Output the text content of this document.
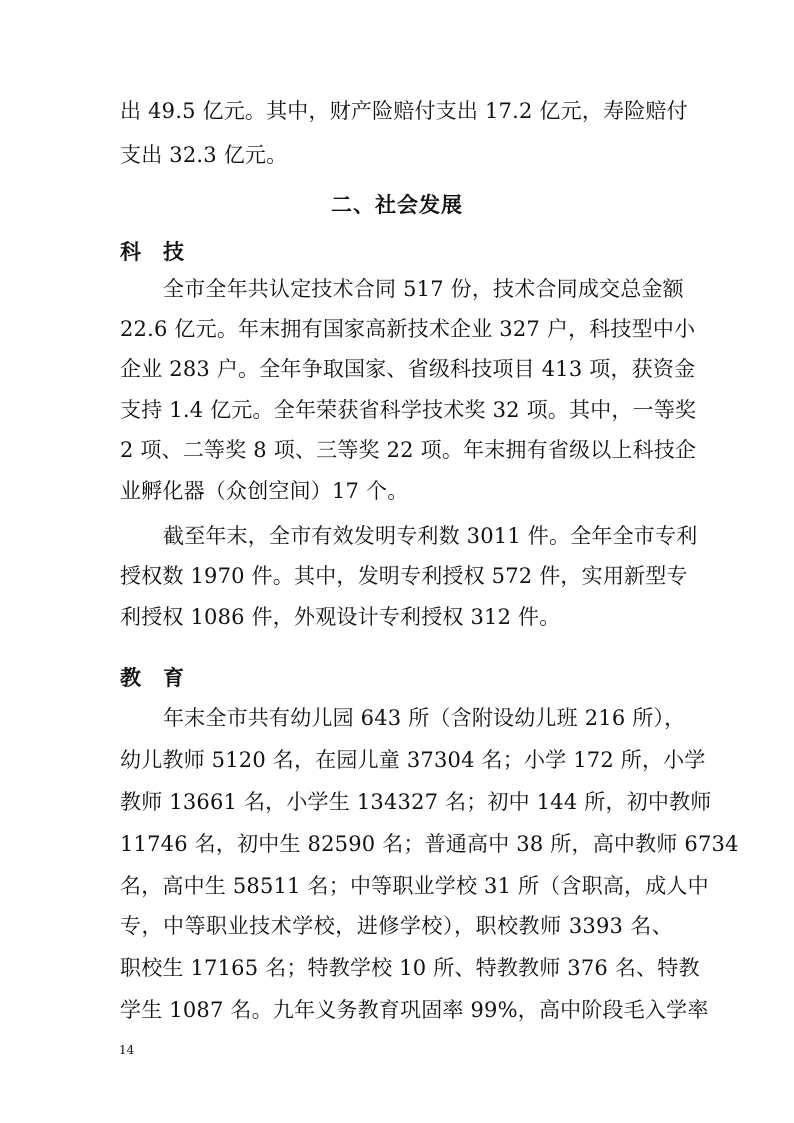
出 49.5 亿元。其中，财产险赔付支出 17.2 亿元，寿险赔付
支出 32.3 亿元。
二、社会发展
科技
全市全年共认定技术合同 517 份，技术合同成交总金额
22.6 亿元。年末拥有国家高新技术企业 327 户，科技型中小
企业 283 户。全年争取国家、省级科技项目 413 项，获资金
支持 1.4 亿元。全年荣获省科学技术奖 32 项。其中，一等奖
2 项、二等奖 8 项、三等奖 22 项。年末拥有省级以上科技企
业孵化器（众创空间）17 个。
截至年末，全市有效发明专利数 3011 件。全年全市专利
授权数 1970 件。其中，发明专利授权 572 件，实用新型专
利授权 1086 件，外观设计专利授权 312 件。
教育
年末全市共有幼儿园 643 所（含附设幼儿班 216 所），
幼儿教师 5120 名，在园儿童 37304 名；小学 172 所，小学
教师 13661 名，小学生 134327 名；初中 144 所，初中教师
11746 名，初中生 82590 名；普通高中 38 所，高中教师 6734
名，高中生 58511 名；中等职业学校 31 所（含职高，成人中
专，中等职业技术学校，进修学校），职校教师 3393 名、
职校生 17165 名；特教学校 10 所、特教教师 376 名、特教
学生 1087 名。九年义务教育巩固率 99%，高中阶段毛入学率
14
